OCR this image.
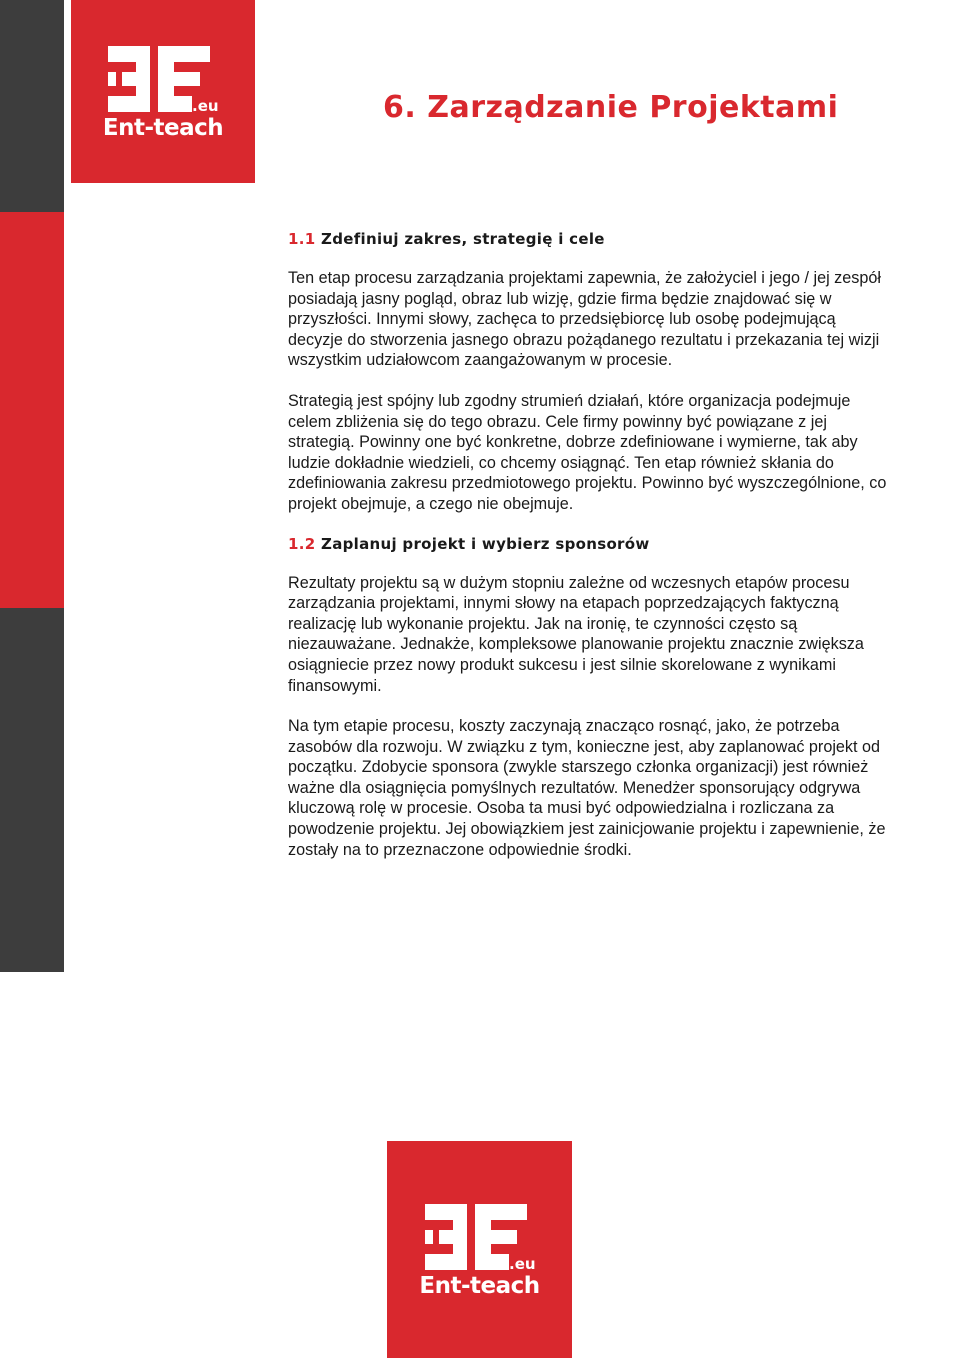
.eu
Ent-teach
6. Zarządzanie Projektami
1.1 Zdefiniuj zakres, strategię i cele

Ten etap procesu zarządzania projektami zapewnia, że założyciel i jego / jej zespół posiadają jasny pogląd, obraz lub wizję, gdzie firma będzie znajdować się w przyszłości. Innymi słowy, zachęca to przedsiębiorcę lub osobę podejmującą decyzje do stworzenia jasnego obrazu pożądanego rezultatu i przekazania tej wizji wszystkim udziałowcom zaangażowanym w procesie.

Strategią jest spójny lub zgodny strumień działań, które organizacja podejmuje celem zbliżenia się do tego obrazu. Cele firmy powinny być powiązane z jej strategią. Powinny one być konkretne, dobrze zdefiniowane i wymierne, tak aby ludzie dokładnie wiedzieli, co chcemy osiągnąć. Ten etap również skłania do zdefiniowania zakresu przedmiotowego projektu. Powinno być wyszczególnione, co projekt obejmuje, a czego nie obejmuje.

1.2 Zaplanuj projekt i wybierz sponsorów

Rezultaty projektu są w dużym stopniu zależne od wczesnych etapów procesu zarządzania projektami, innymi słowy na etapach poprzedzających faktyczną realizację lub wykonanie projektu. Jak na ironię, te czynności często są niezauważane. Jednakże, kompleksowe planowanie projektu znacznie zwiększa osiągniecie przez nowy produkt sukcesu i jest silnie skorelowane z wynikami finansowymi.

Na tym etapie procesu, koszty zaczynają znacząco rosnąć, jako, że potrzeba zasobów dla rozwoju. W związku z tym, konieczne jest, aby zaplanować projekt od początku. Zdobycie sponsora (zwykle starszego członka organizacji) jest również ważne dla osiągnięcia pomyślnych rezultatów. Menedżer sponsorujący odgrywa kluczową rolę w procesie. Osoba ta musi być odpowiedzialna i rozliczana za powodzenie projektu. Jej obowiązkiem jest zainicjowanie projektu i zapewnienie, że zostały na to przeznaczone odpowiednie środki.

.eu
Ent-teach
